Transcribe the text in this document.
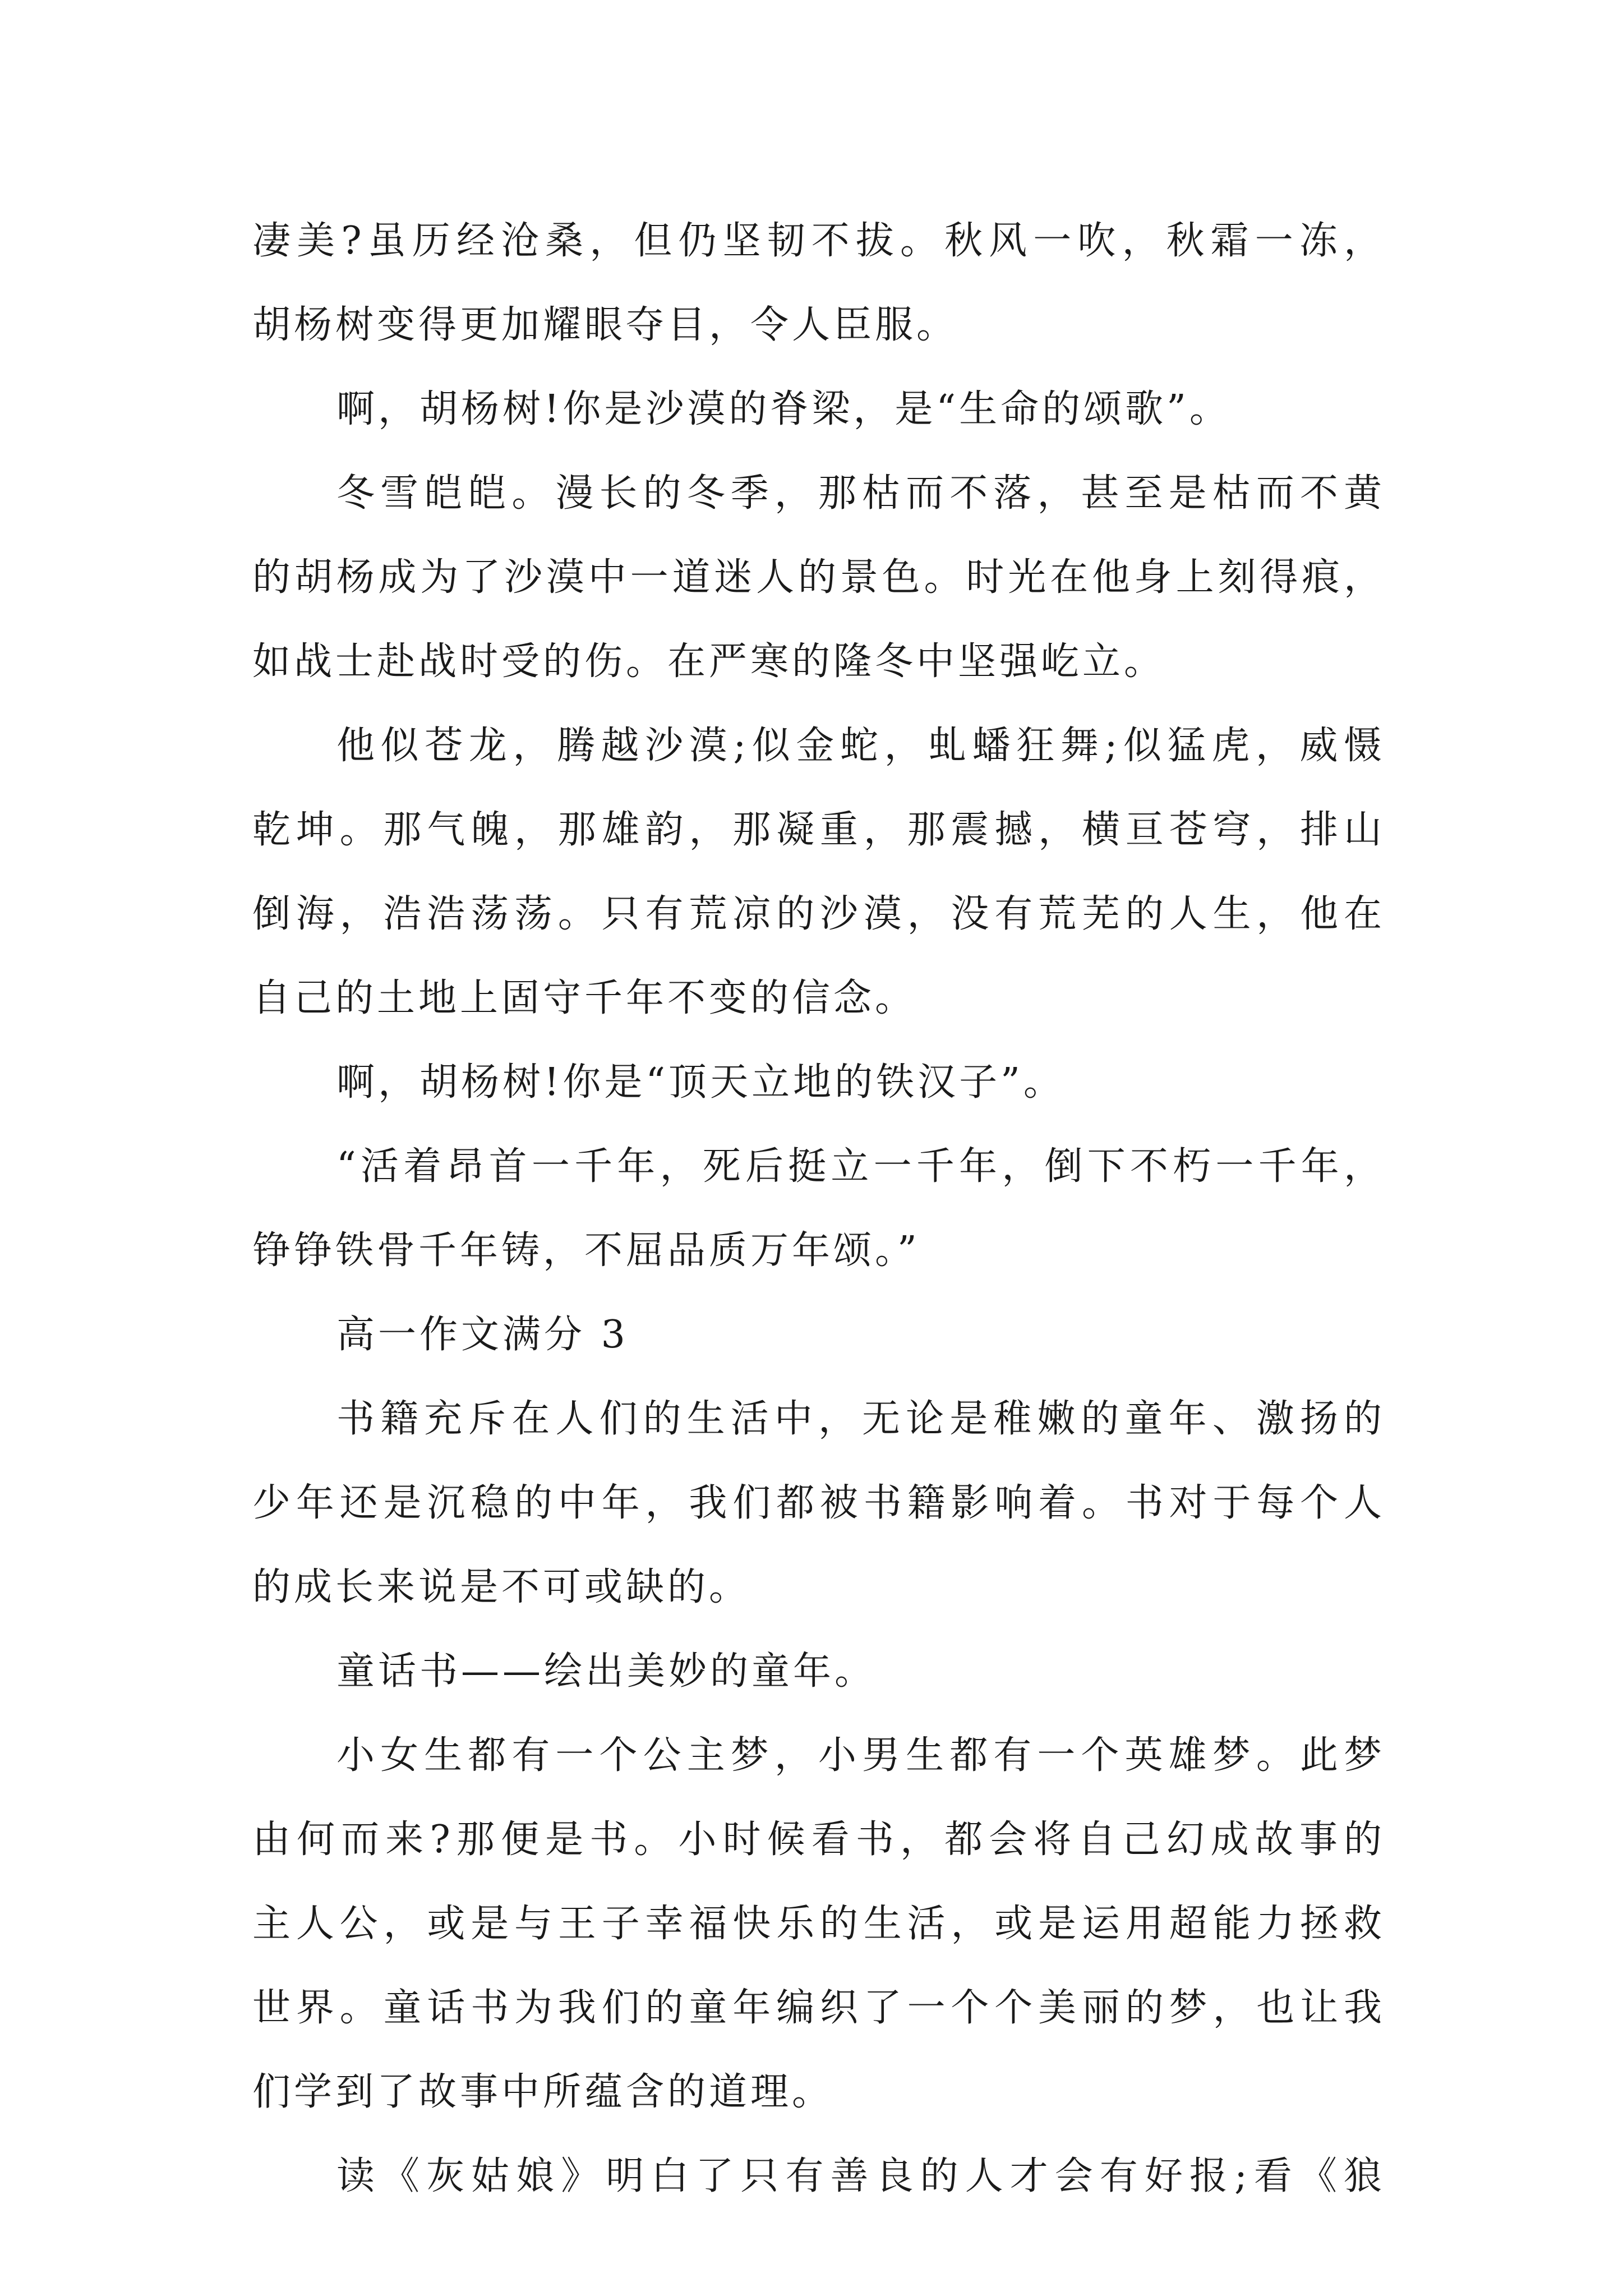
凄美?虽历经沧桑，但仍坚韧不拔。秋风一吹，秋霜一冻，
胡杨树变得更加耀眼夺目，令人臣服。
啊，胡杨树!你是沙漠的脊梁，是“生命的颂歌”。
冬雪皑皑。漫长的冬季，那枯而不落，甚至是枯而不黄
的胡杨成为了沙漠中一道迷人的景色。时光在他身上刻得痕，
如战士赴战时受的伤。在严寒的隆冬中坚强屹立。
他似苍龙，腾越沙漠;似金蛇，虬蟠狂舞;似猛虎，威慑
乾坤。那气魄，那雄韵，那凝重，那震撼，横亘苍穹，排山
倒海，浩浩荡荡。只有荒凉的沙漠，没有荒芜的人生，他在
自己的土地上固守千年不变的信念。
啊，胡杨树!你是“顶天立地的铁汉子”。
“活着昂首一千年，死后挺立一千年，倒下不朽一千年，
铮铮铁骨千年铸，不屈品质万年颂。”
高一作文满分 3
书籍充斥在人们的生活中，无论是稚嫩的童年、激扬的
少年还是沉稳的中年，我们都被书籍影响着。书对于每个人
的成长来说是不可或缺的。
童话书——绘出美妙的童年。
小女生都有一个公主梦，小男生都有一个英雄梦。此梦
由何而来?那便是书。小时候看书，都会将自己幻成故事的
主人公，或是与王子幸福快乐的生活，或是运用超能力拯救
世界。童话书为我们的童年编织了一个个美丽的梦，也让我
们学到了故事中所蕴含的道理。
读《灰姑娘》明白了只有善良的人才会有好报;看《狼
